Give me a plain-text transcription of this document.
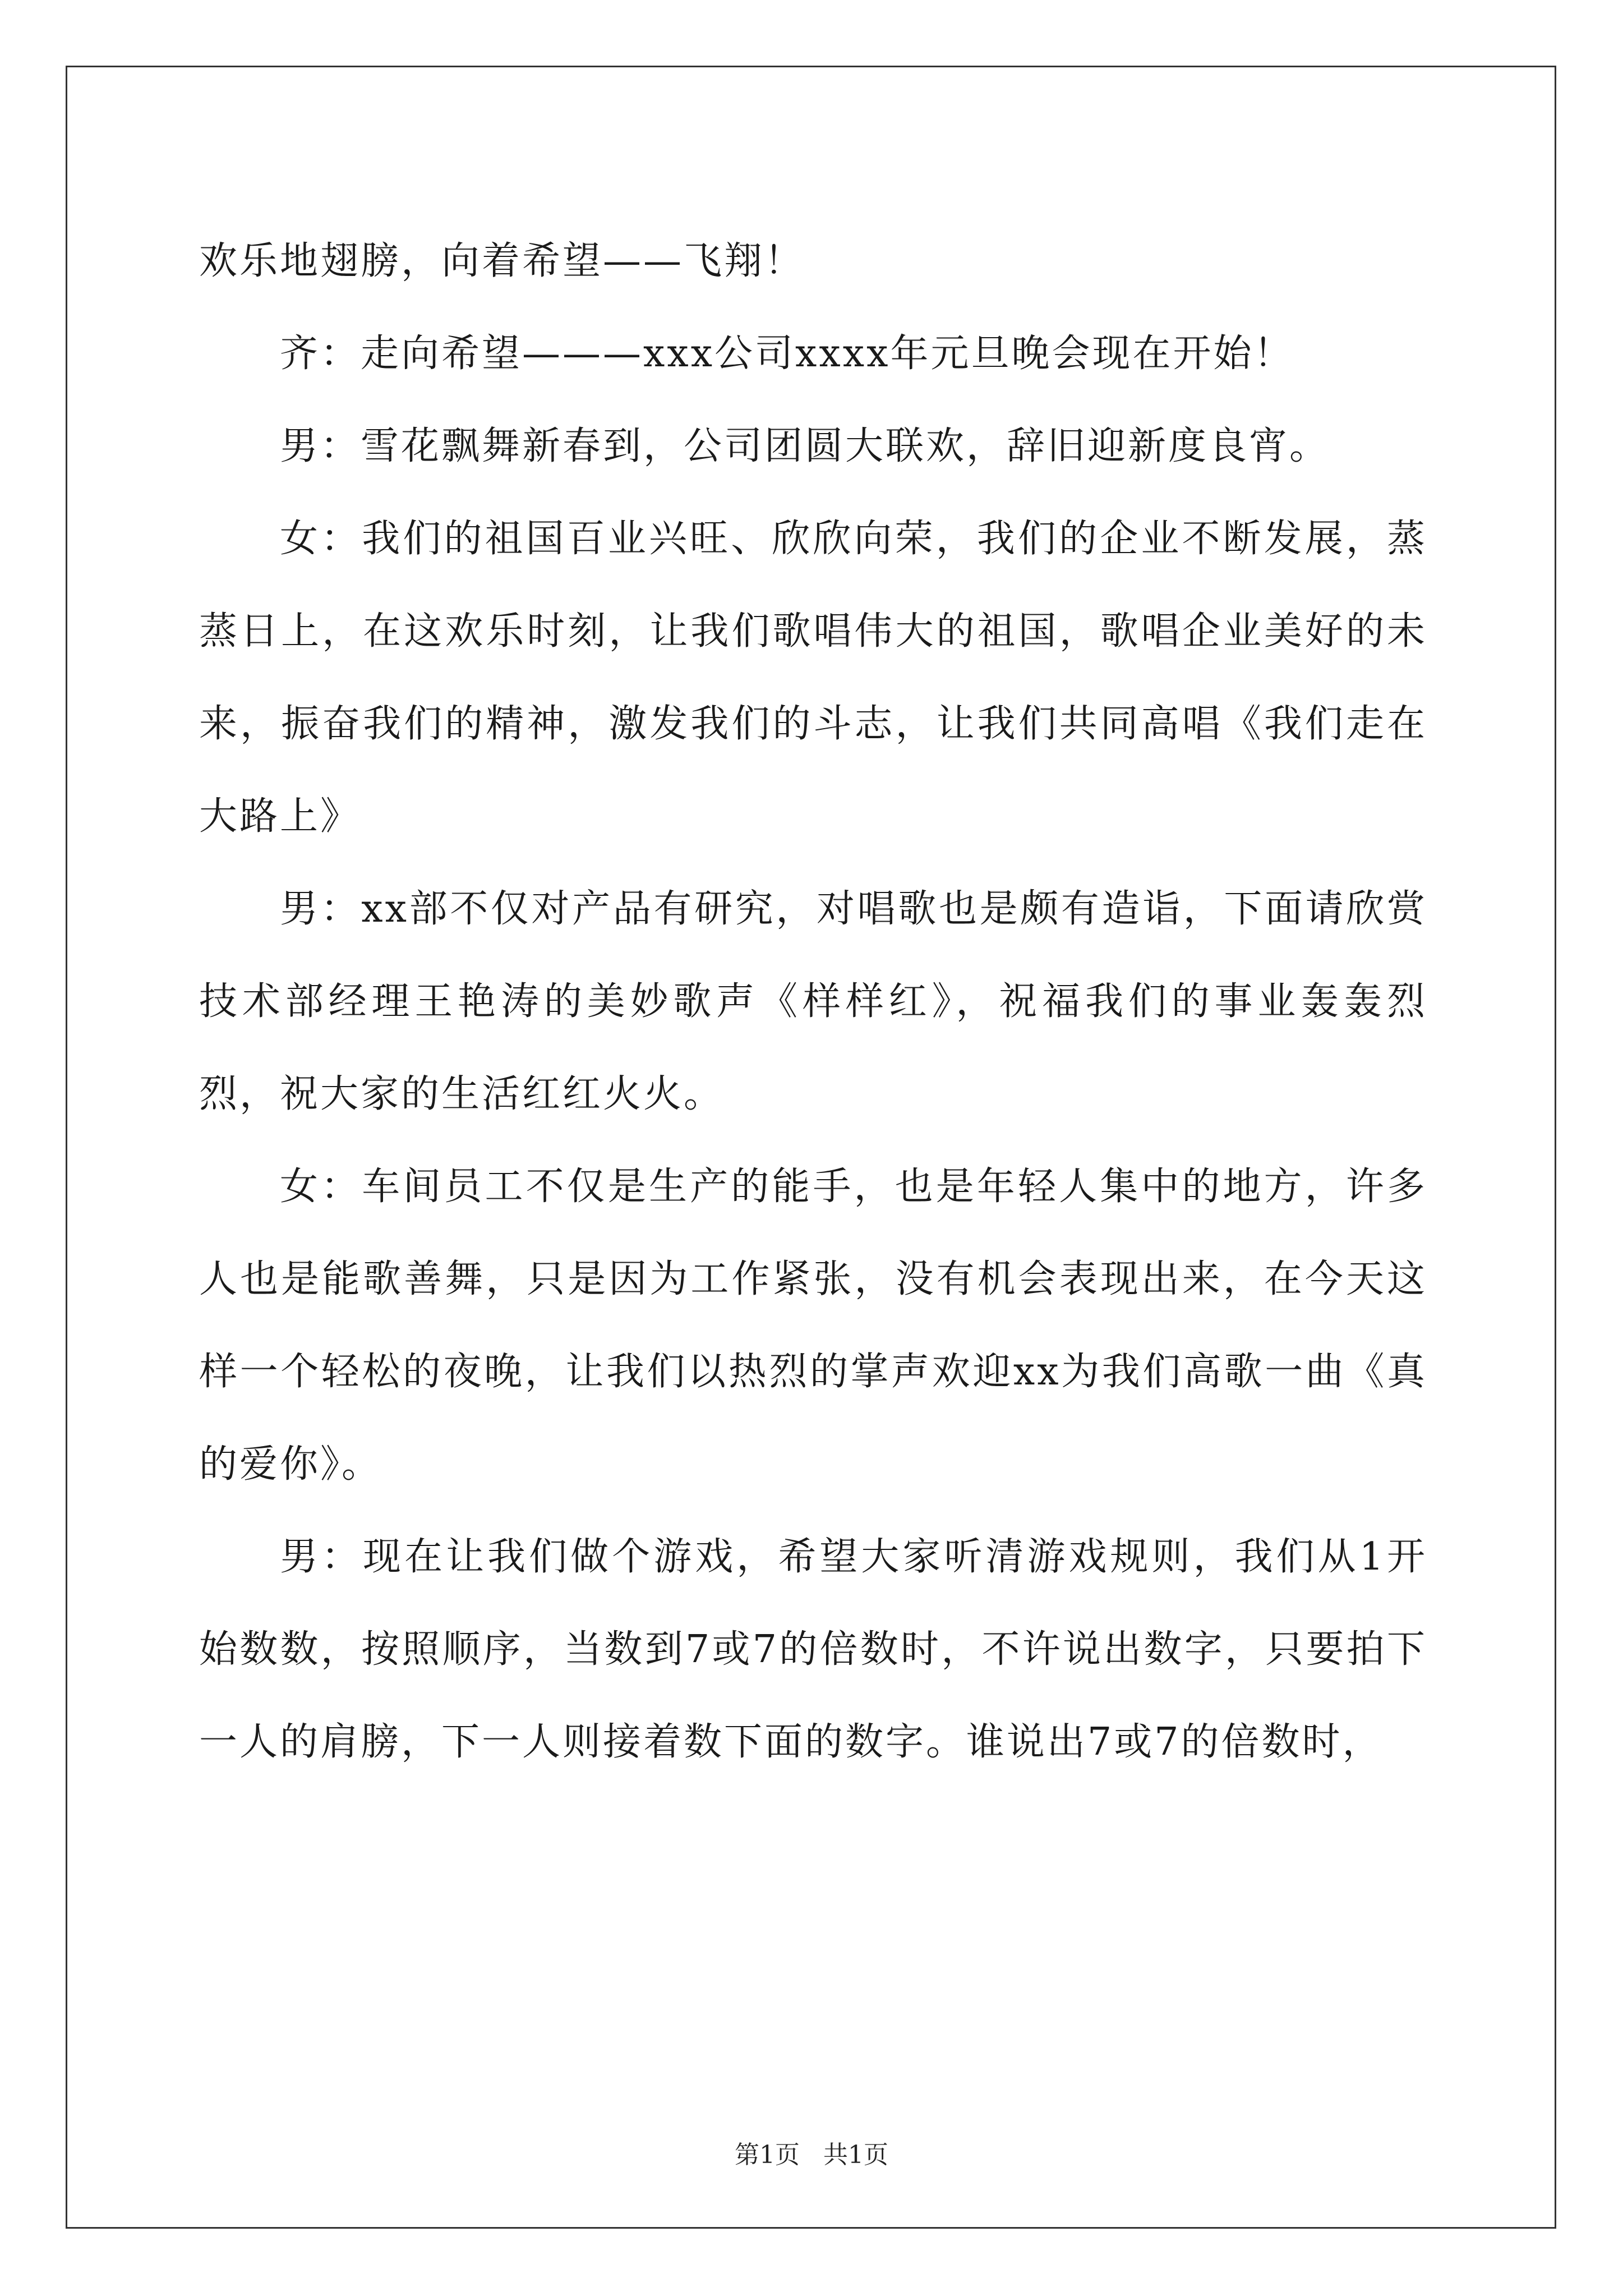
欢乐地翅膀，向着希望——飞翔！

齐：走向希望———xxx公司xxxx年元旦晚会现在开始！

男：雪花飘舞新春到，公司团圆大联欢，辞旧迎新度良宵。

女：我们的祖国百业兴旺、欣欣向荣，我们的企业不断发展，蒸蒸日上，在这欢乐时刻，让我们歌唱伟大的祖国，歌唱企业美好的未来，振奋我们的精神，激发我们的斗志，让我们共同高唱《我们走在大路上》

男：xx部不仅对产品有研究，对唱歌也是颇有造诣，下面请欣赏技术部经理王艳涛的美妙歌声《样样红》，祝福我们的事业轰轰烈烈，祝大家的生活红红火火。

女：车间员工不仅是生产的能手，也是年轻人集中的地方，许多人也是能歌善舞，只是因为工作紧张，没有机会表现出来，在今天这样一个轻松的夜晚，让我们以热烈的掌声欢迎xx为我们高歌一曲《真的爱你》。

男：现在让我们做个游戏，希望大家听清游戏规则，我们从1开始数数，按照顺序，当数到7或7的倍数时，不许说出数字，只要拍下一人的肩膀，下一人则接着数下面的数字。谁说出7或7的倍数时，

第1页   共1页
